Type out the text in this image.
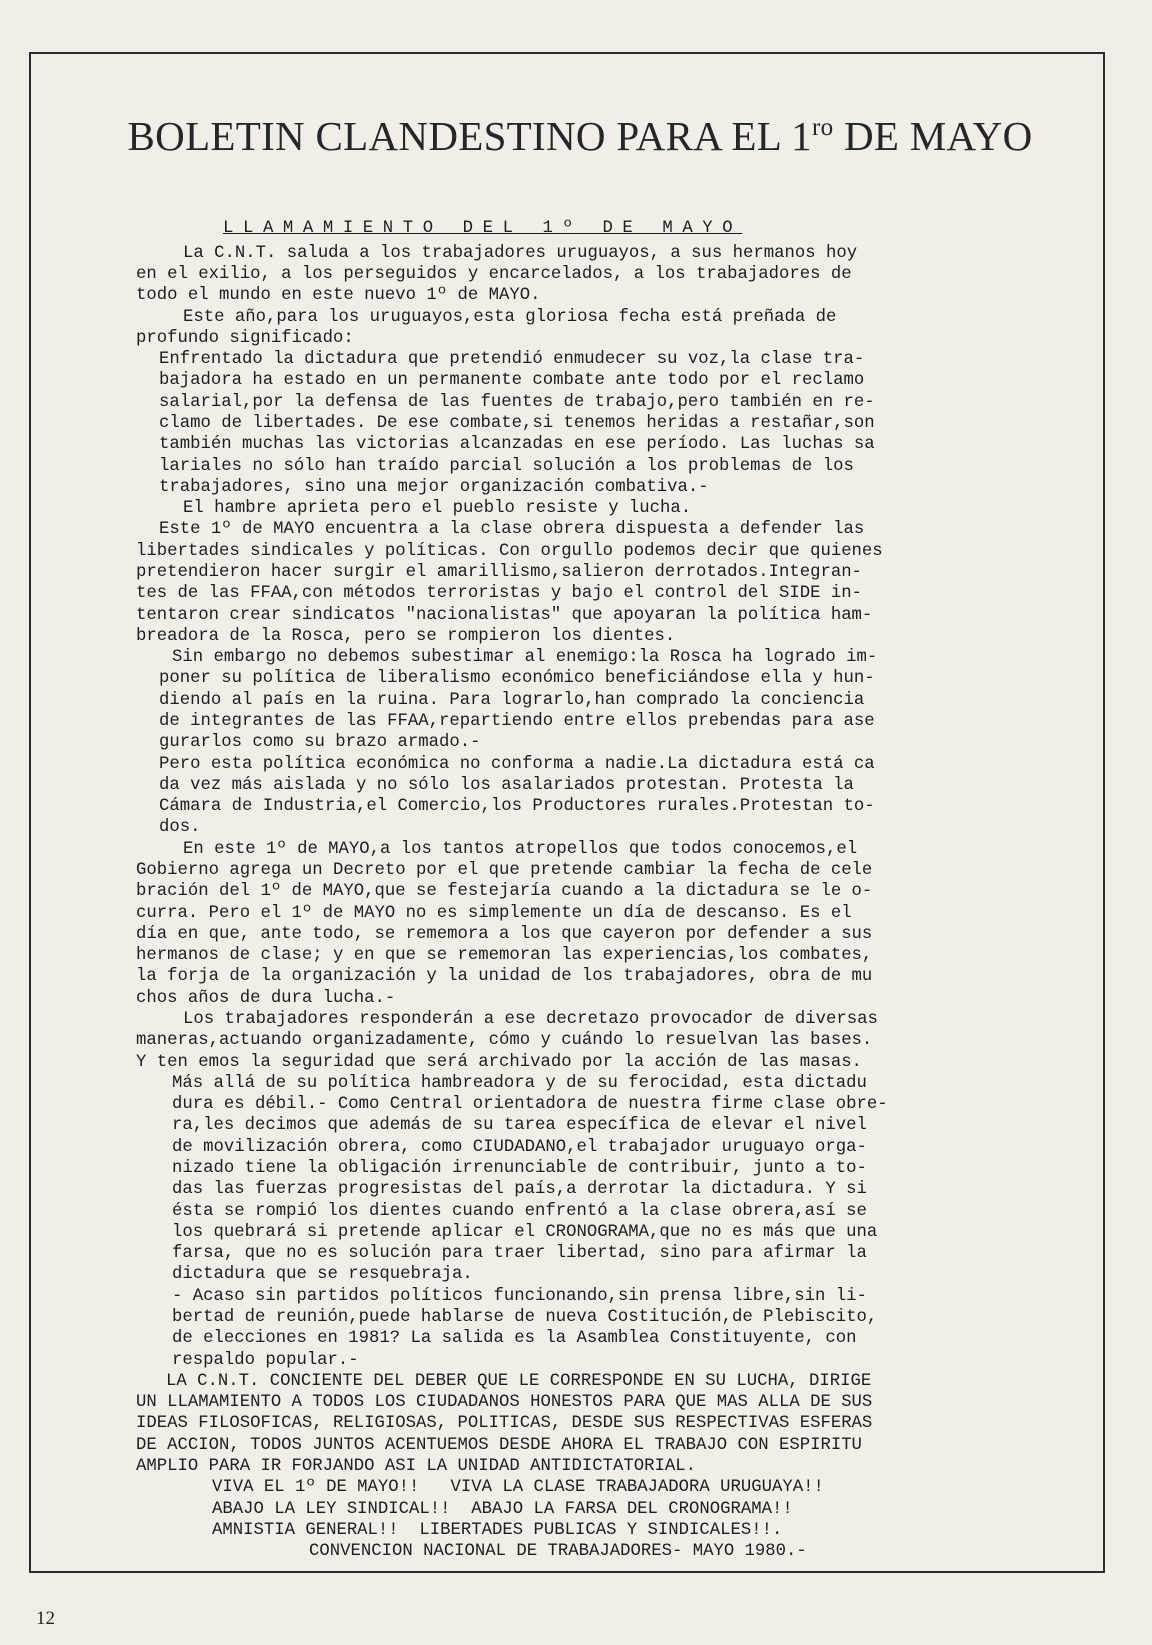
BOLETIN CLANDESTINO PARA EL $1^{ro}$ DE MAYO
LLAMAMIENTO DEL 1º DE MAYO
La C.N.T. saluda a los trabajadores uruguayos, a sus hermanos hoy
en el exilio, a los perseguidos y encarcelados, a los trabajadores de
todo el mundo en este nuevo 1º de MAYO.
Este año,para los uruguayos,esta gloriosa fecha está preñada de
profundo significado:
Enfrentado la dictadura que pretendió enmudecer su voz,la clase tra-
bajadora ha estado en un permanente combate ante todo por el reclamo
salarial,por la defensa de las fuentes de trabajo,pero también en re-
clamo de libertades. De ese combate,si tenemos heridas a restañar,son
también muchas las victorias alcanzadas en ese período. Las luchas sa
lariales no sólo han traído parcial solución a los problemas de los
trabajadores, sino una mejor organización combativa.-
El hambre aprieta pero el pueblo resiste y lucha.
Este 1º de MAYO encuentra a la clase obrera dispuesta a defender las
libertades sindicales y políticas. Con orgullo podemos decir que quienes
pretendieron hacer surgir el amarillismo,salieron derrotados.Integran-
tes de las FFAA,con métodos terroristas y bajo el control del SIDE in-
tentaron crear sindicatos "nacionalistas" que apoyaran la política ham-
breadora de la Rosca, pero se rompieron los dientes.
Sin embargo no debemos subestimar al enemigo:la Rosca ha logrado im-
poner su política de liberalismo económico beneficiándose ella y hun-
diendo al país en la ruina. Para lograrlo,han comprado la conciencia
de integrantes de las FFAA,repartiendo entre ellos prebendas para ase
gurarlos como su brazo armado.-
Pero esta política económica no conforma a nadie.La dictadura está ca
da vez más aislada y no sólo los asalariados protestan. Protesta la
Cámara de Industria,el Comercio,los Productores rurales.Protestan to-
dos.
En este 1º de MAYO,a los tantos atropellos que todos conocemos,el
Gobierno agrega un Decreto por el que pretende cambiar la fecha de cele
bración del 1º de MAYO,que se festejaría cuando a la dictadura se le o-
curra. Pero el 1º de MAYO no es simplemente un día de descanso. Es el
día en que, ante todo, se rememora a los que cayeron por defender a sus
hermanos de clase; y en que se rememoran las experiencias,los combates,
la forja de la organización y la unidad de los trabajadores, obra de mu
chos años de dura lucha.-
Los trabajadores responderán a ese decretazo provocador de diversas
maneras,actuando organizadamente, cómo y cuándo lo resuelvan las bases.
Y ten emos la seguridad que será archivado por la acción de las masas.
Más allá de su política hambreadora y de su ferocidad, esta dictadu
dura es débil.- Como Central orientadora de nuestra firme clase obre-
ra,les decimos que además de su tarea específica de elevar el nivel
de movilización obrera, como CIUDADANO,el trabajador uruguayo orga-
nizado tiene la obligación irrenunciable de contribuir, junto a to-
das las fuerzas progresistas del país,a derrotar la dictadura. Y si
ésta se rompió los dientes cuando enfrentó a la clase obrera,así se
los quebrará si pretende aplicar el CRONOGRAMA,que no es más que una
farsa, que no es solución para traer libertad, sino para afirmar la
dictadura que se resquebraja.
- Acaso sin partidos políticos funcionando,sin prensa libre,sin li-
bertad de reunión,puede hablarse de nueva Costitución,de Plebiscito,
de elecciones en 1981? La salida es la Asamblea Constituyente, con
respaldo popular.-
LA C.N.T. CONCIENTE DEL DEBER QUE LE CORRESPONDE EN SU LUCHA, DIRIGE
UN LLAMAMIENTO A TODOS LOS CIUDADANOS HONESTOS PARA QUE MAS ALLA DE SUS
IDEAS FILOSOFICAS, RELIGIOSAS, POLITICAS, DESDE SUS RESPECTIVAS ESFERAS
DE ACCION, TODOS JUNTOS ACENTUEMOS DESDE AHORA EL TRABAJO CON ESPIRITU
AMPLIO PARA IR FORJANDO ASI LA UNIDAD ANTIDICTATORIAL.
VIVA EL 1º DE MAYO!!   VIVA LA CLASE TRABAJADORA URUGUAYA!!
ABAJO LA LEY SINDICAL!!  ABAJO LA FARSA DEL CRONOGRAMA!!
AMNISTIA GENERAL!!  LIBERTADES PUBLICAS Y SINDICALES!!.
CONVENCION NACIONAL DE TRABAJADORES- MAYO 1980.-
12
